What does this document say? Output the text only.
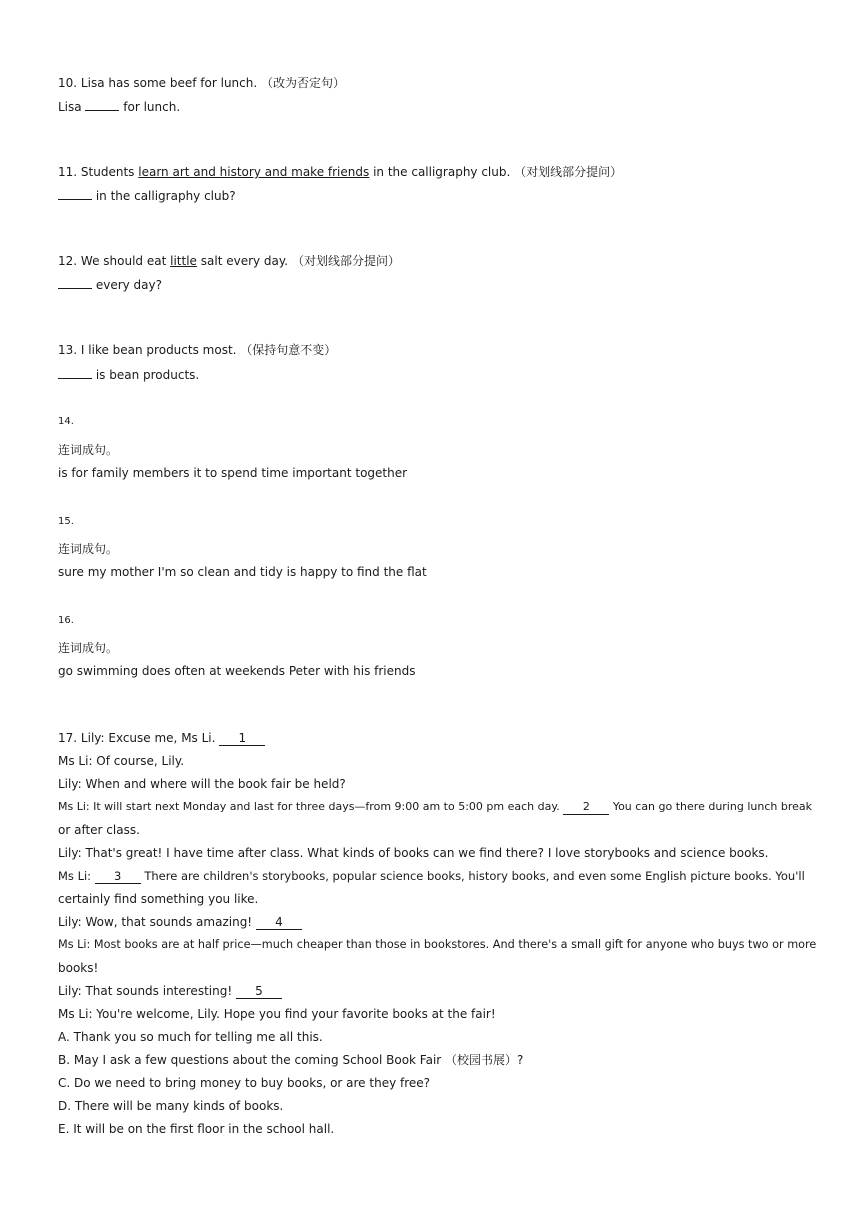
10. Lisa has some beef for lunch. （改为否定句）
Lisa	for lunch.
11. Students learn art and history and make friends in the calligraphy club. （对划线部分提问）
in the calligraphy club?
12. We should eat little salt every day. （对划线部分提问）
every day?
13. I like bean products most. （保持句意不变）
is bean products.
14.
连词成句。
is for family members it to spend time important together
15.
连词成句。
sure my mother I'm so clean and tidy is happy to find the flat
16.
连词成句。
go swimming does often at weekends Peter with his friends
17. Lily: Excuse me, Ms Li. 1
Ms Li: Of course, Lily.
Lily: When and where will the book fair be held?
Ms Li: It will start next Monday and last for three days—from 9:00 am to 5:00 pm each day. 2 You can go there during lunch break
or after class.
Lily: That's great! I have time after class. What kinds of books can we find there? I love storybooks and science books.
Ms Li: 3 There are children's storybooks, popular science books, history books, and even some English picture books. You'll
certainly find something you like.
Lily: Wow, that sounds amazing! 4
Ms Li: Most books are at half price—much cheaper than those in bookstores. And there's a small gift for anyone who buys two or more
books!
Lily: That sounds interesting! 5
Ms Li: You're welcome, Lily. Hope you find your favorite books at the fair!
A. Thank you so much for telling me all this.
B. May I ask a few questions about the coming School Book Fair （校园书展）?
C. Do we need to bring money to buy books, or are they free?
D. There will be many kinds of books.
E. It will be on the first floor in the school hall.
